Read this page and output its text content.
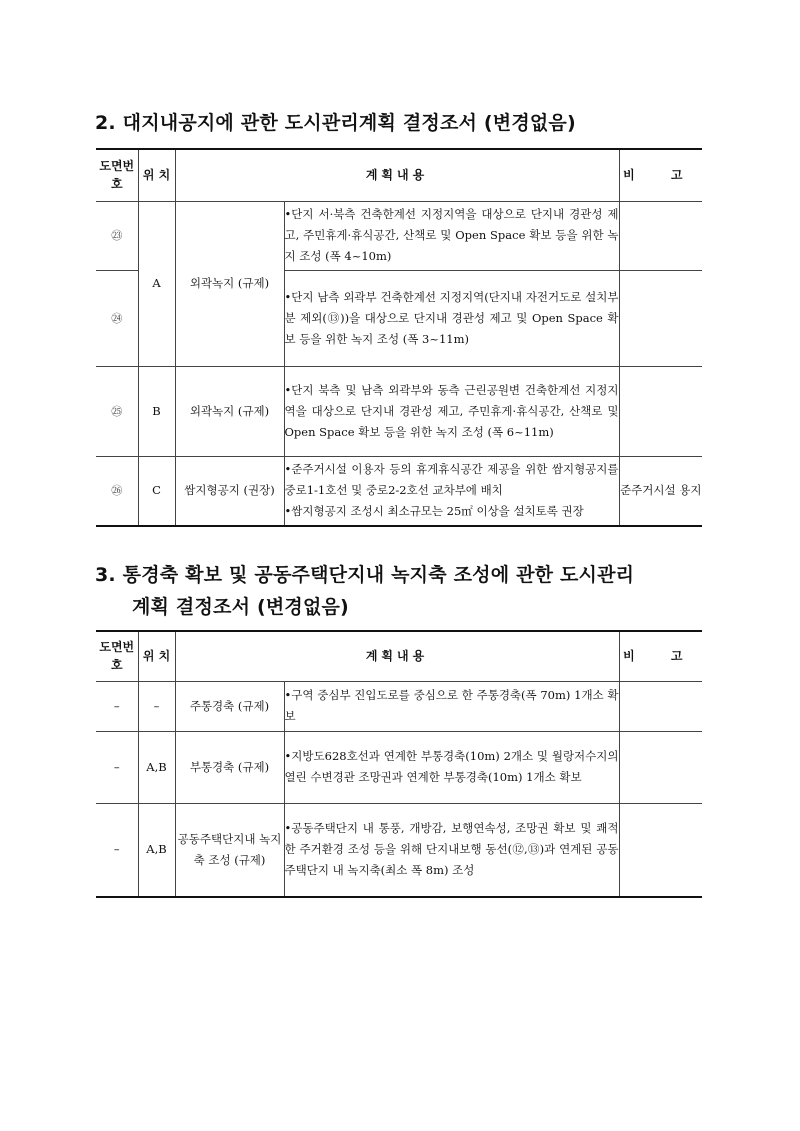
2. 대지내공지에 관한 도시관리계획 결정조서 (변경없음)
도면번호	위 치	계획내용		비 고
㉓	A	외곽녹지 (규제)	• 단지 서·북측 건축한계선 지정지역을 대상으로 단지내 경관성 제고, 주민휴게·휴식공간, 산책로 및 Open Space 확보 등을 위한 녹지 조성 (폭 4~10m)

㉔			• 단지 남측 외곽부 건축한계선 지정지역(단지내 자전거도로 설치부분 제외(⑬))을 대상으로 단지내 경관성 제고 및 Open Space 확보 등을 위한 녹지 조성 (폭 3~11m)

㉕	B	외곽녹지 (규제)	• 단지 북측 및 남측 외곽부와 동측 근린공원변 건축한계선 지정지역을 대상으로 단지내 경관성 제고, 주민휴게·휴식공간, 산책로 및 Open Space 확보 등을 위한 녹지 조성 (폭 6~11m)

㉖	C	쌈지형공지 (권장)	• 준주거시설 이용자 등의 휴게휴식공간 제공을 위한 쌈지형공지를 중로1-1호선 및 중로2-2호선 교차부에 배치

• 쌈지형공지 조성시 최소규모는 25㎡ 이상을 설치토록 권장	준주거시설 용지
3. 통경축 확보 및 공동주택단지내 녹지축 조성에 관한 도시관리
계획 결정조서 (변경없음)
도면번호	위 치	계획내용		비 고
–	–	주통경축 (규제)	• 구역 중심부 진입도로를 중심으로 한 주통경축(폭 70m) 1개소 확보

–	A,B	부통경축 (규제)	• 지방도628호선과 연계한 부통경축(10m) 2개소 및 월랑저수지의 열린 수변경관 조망권과 연계한 부통경축(10m) 1개소 확보

–	A,B	공동주택단지내 녹지축 조성 (규제)	• 공동주택단지 내 통풍, 개방감, 보행연속성, 조망권 확보 및 쾌적한 주거환경 조성 등을 위해 단지내보행 동선(⑫,⑬)과 연계된 공동주택단지 내 녹지축(최소 폭 8m) 조성
